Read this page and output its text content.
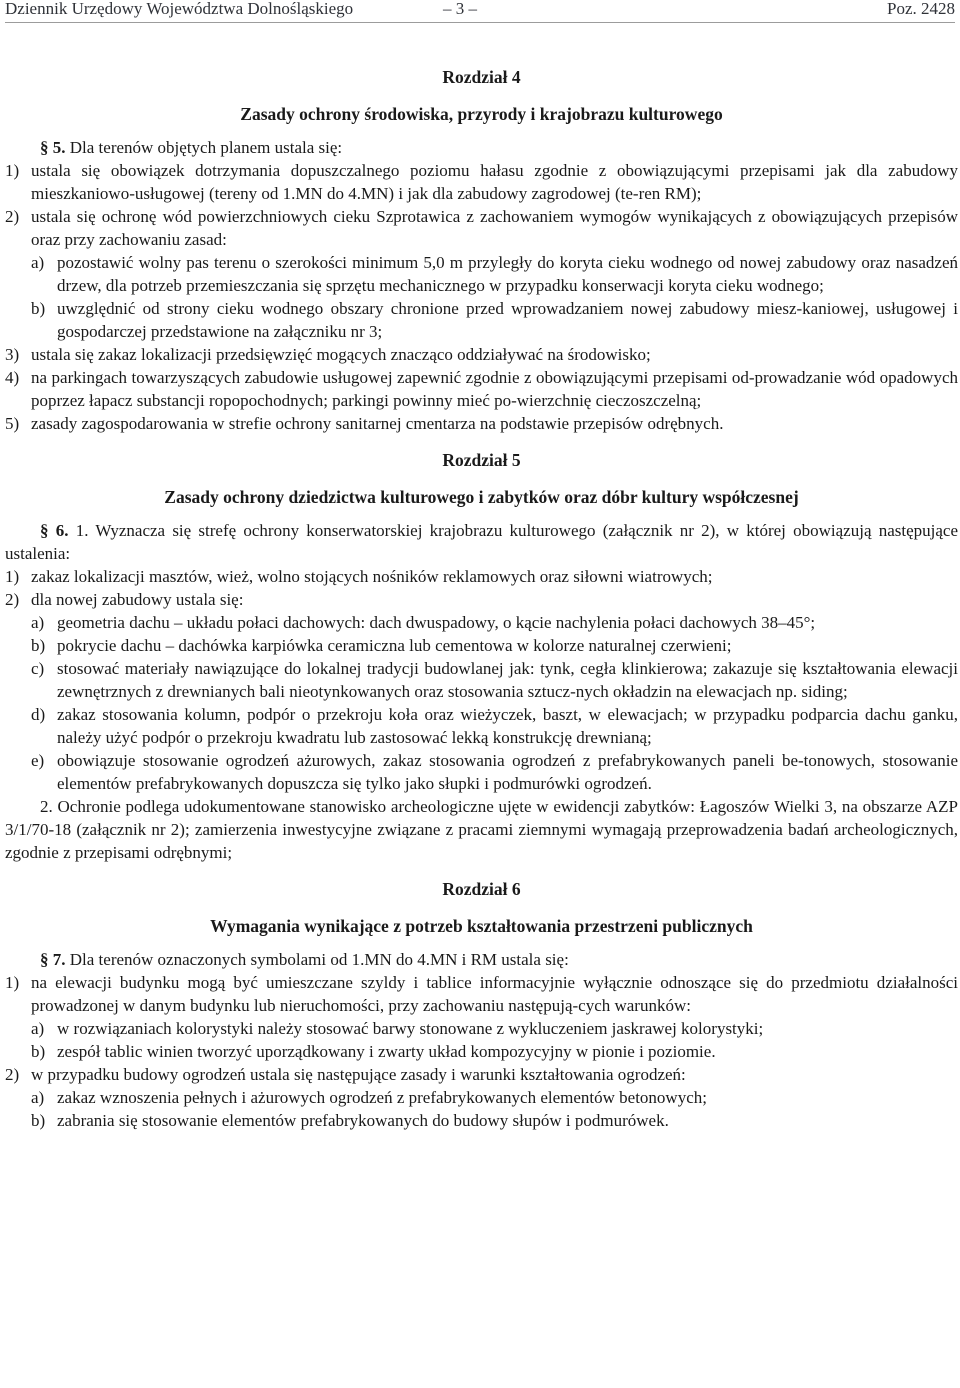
Dziennik Urzędowy Województwa Dolnośląskiego	– 3 –	Poz. 2428
Rozdział 4
Zasady ochrony środowiska, przyrody i krajobrazu kulturowego

§ 5. Dla terenów objętych planem ustala się:

1) ustala się obowiązek dotrzymania dopuszczalnego poziomu hałasu zgodnie z obowiązującymi przepisami jak dla zabudowy mieszkaniowo-usługowej (tereny od 1.MN do 4.MN) i jak dla zabudowy zagrodowej (te-ren RM);
2) ustala się ochronę wód powierzchniowych cieku Szprotawica z zachowaniem wymogów wynikających z obowiązujących przepisów oraz przy zachowaniu zasad:
a) pozostawić wolny pas terenu o szerokości minimum 5,0 m przyległy do koryta cieku wodnego od nowej zabudowy oraz nasadzeń drzew, dla potrzeb przemieszczania się sprzętu mechanicznego w przypadku konserwacji koryta cieku wodnego;
b) uwzględnić od strony cieku wodnego obszary chronione przed wprowadzaniem nowej zabudowy miesz-kaniowej, usługowej i gospodarczej przedstawione na załączniku nr 3;
3) ustala się zakaz lokalizacji przedsięwzięć mogących znacząco oddziaływać na środowisko;
4) na parkingach towarzyszących zabudowie usługowej zapewnić zgodnie z obowiązującymi przepisami od-prowadzanie wód opadowych poprzez łapacz substancji ropopochodnych; parkingi powinny mieć po-wierzchnię cieczoszczelną;
5) zasady zagospodarowania w strefie ochrony sanitarnej cmentarza na podstawie przepisów odrębnych.
Rozdział 5
Zasady ochrony dziedzictwa kulturowego i zabytków oraz dóbr kultury współczesnej

§ 6. 1. Wyznacza się strefę ochrony konserwatorskiej krajobrazu kulturowego (załącznik nr 2), w której obowiązują następujące ustalenia:

1) zakaz lokalizacji masztów, wież, wolno stojących nośników reklamowych oraz siłowni wiatrowych;
2) dla nowej zabudowy ustala się:
a) geometria dachu – układu połaci dachowych: dach dwuspadowy, o kącie nachylenia połaci dachowych 38–45°;
b) pokrycie dachu – dachówka karpiówka ceramiczna lub cementowa w kolorze naturalnej czerwieni;
c) stosować materiały nawiązujące do lokalnej tradycji budowlanej jak: tynk, cegła klinkierowa; zakazuje się kształtowania elewacji zewnętrznych z drewnianych bali nieotynkowanych oraz stosowania sztucz-nych okładzin na elewacjach np. siding;
d) zakaz stosowania kolumn, podpór o przekroju koła oraz wieżyczek, baszt, w elewacjach; w przypadku podparcia dachu ganku, należy użyć podpór o przekroju kwadratu lub zastosować lekką konstrukcję drewnianą;
e) obowiązuje stosowanie ogrodzeń ażurowych, zakaz stosowania ogrodzeń z prefabrykowanych paneli be-tonowych, stosowanie elementów prefabrykowanych dopuszcza się tylko jako słupki i podmurówki ogrodzeń.

2. Ochronie podlega udokumentowane stanowisko archeologiczne ujęte w ewidencji zabytków: Łagoszów Wielki 3, na obszarze AZP 3/1/70-18 (załącznik nr 2); zamierzenia inwestycyjne związane z pracami ziemnymi wymagają przeprowadzenia badań archeologicznych, zgodnie z przepisami odrębnymi;

Rozdział 6
Wymagania wynikające z potrzeb kształtowania przestrzeni publicznych

§ 7. Dla terenów oznaczonych symbolami od 1.MN do 4.MN i RM ustala się:

1) na elewacji budynku mogą być umieszczane szyldy i tablice informacyjnie wyłącznie odnoszące się do przedmiotu działalności prowadzonej w danym budynku lub nieruchomości, przy zachowaniu następują-cych warunków:
a) w rozwiązaniach kolorystyki należy stosować barwy stonowane z wykluczeniem jaskrawej kolorystyki;
b) zespół tablic winien tworzyć uporządkowany i zwarty układ kompozycyjny w pionie i poziomie.
2) w przypadku budowy ogrodzeń ustala się następujące zasady i warunki kształtowania ogrodzeń:
a) zakaz wznoszenia pełnych i ażurowych ogrodzeń z prefabrykowanych elementów betonowych;
b) zabrania się stosowanie elementów prefabrykowanych do budowy słupów i podmurówek.
